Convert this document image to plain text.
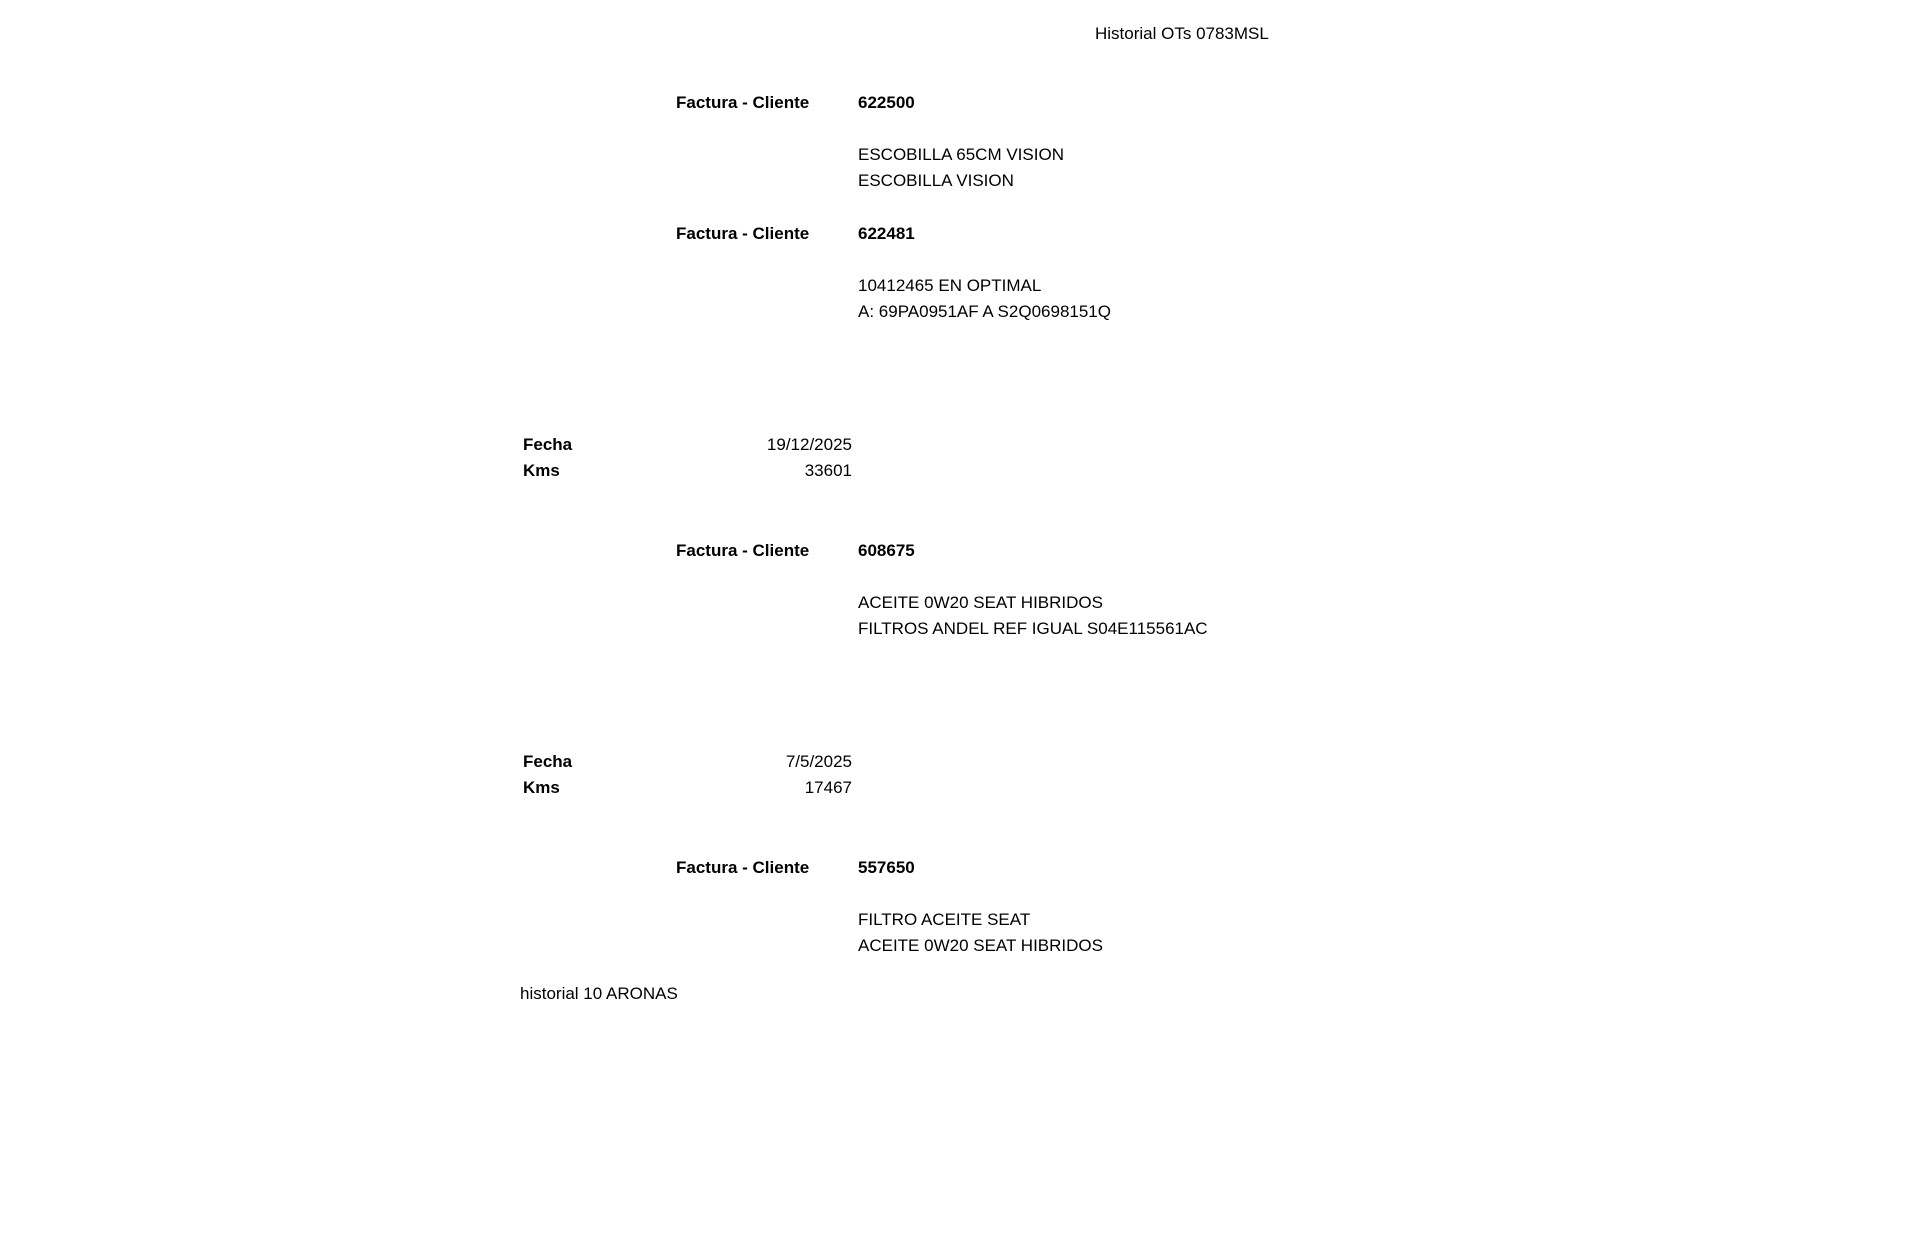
Historial OTs 0783MSL
Factura - Cliente	622500
ESCOBILLA 65CM VISION
ESCOBILLA VISION
Factura - Cliente	622481
10412465 EN OPTIMAL
A: 69PA0951AF A S2Q0698151Q
Fecha	19/12/2025
Kms	33601
Factura - Cliente	608675
ACEITE 0W20 SEAT HIBRIDOS
FILTROS ANDEL REF IGUAL S04E115561AC
Fecha	7/5/2025
Kms	17467
Factura - Cliente	557650
FILTRO ACEITE SEAT
ACEITE 0W20 SEAT HIBRIDOS
historial 10 ARONAS
